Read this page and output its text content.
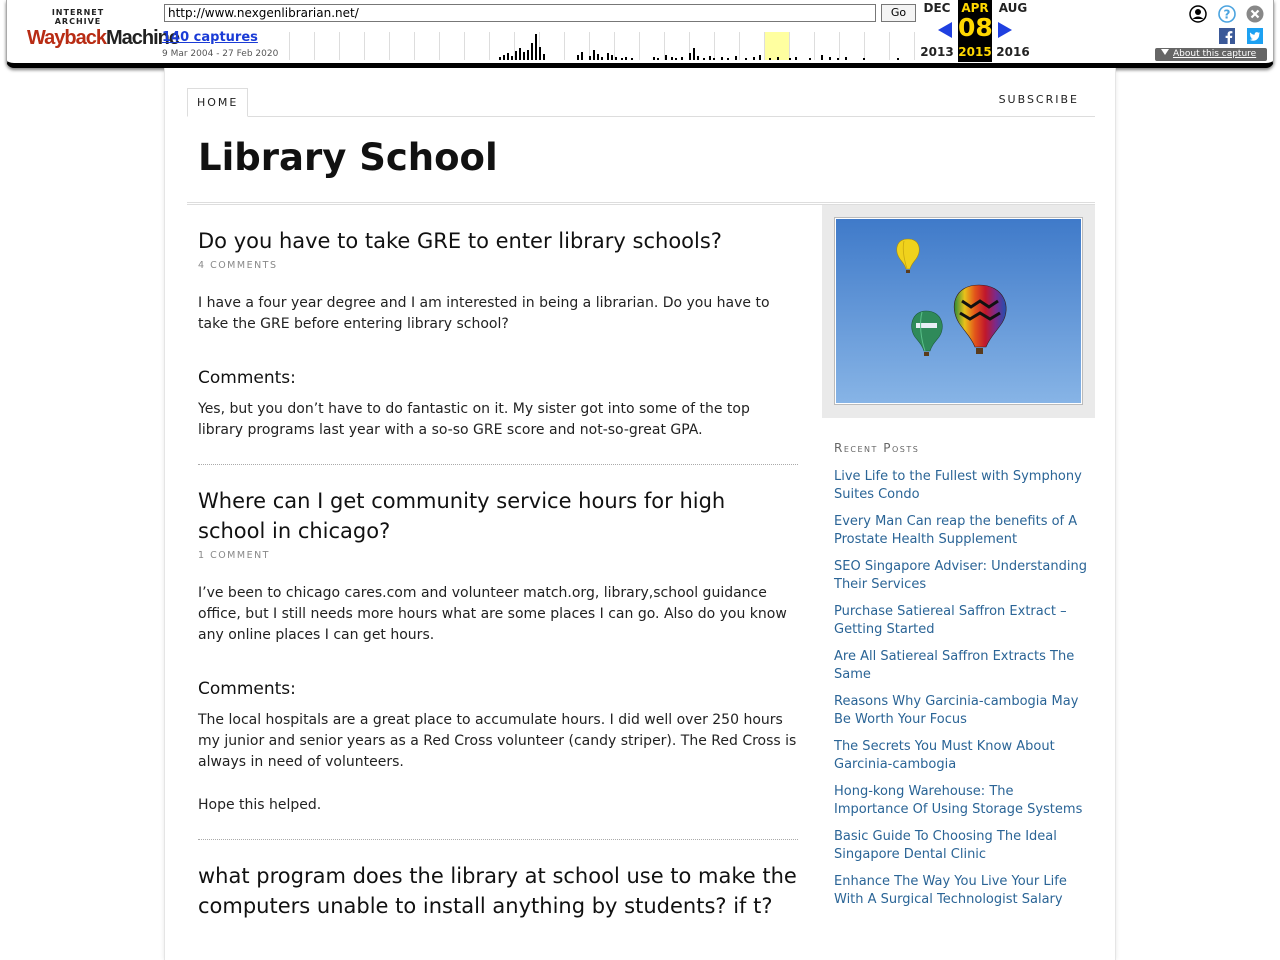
INTERNET ARCHIVE
WaybackMachine
http://www.nexgenlibrarian.net/	Go
140 captures
9 Mar 2004 - 27 Feb 2020
DEC
2013
APR
08
2015
AUG
2016
?
About this capture
HOME	SUBSCRIBE
Library School
Do you have to take GRE to enter library schools?
4 COMMENTS

I have a four year degree and I am interested in being a librarian. Do you have to take the GRE before entering library school?

Comments:

Yes, but you don’t have to do fantastic on it. My sister got into some of the top library programs last year with a so-so GRE score and not-so-great GPA.

Where can I get community service hours for high school in chicago?
1 COMMENT

I’ve been to chicago cares.com and volunteer match.org, library,school guidance office, but I still needs more hours what are some places I can go. Also do you know any online places I can get hours.

Comments:

The local hospitals are a great place to accumulate hours. I did well over 250 hours my junior and senior years as a Red Cross volunteer (candy striper). The Red Cross is always in need of volunteers.

Hope this helped.

what program does the library at school use to make the computers unable to install anything by students? if t?
Recent Posts
Live Life to the Fullest with Symphony Suites Condo
Every Man Can reap the benefits of A Prostate Health Supplement
SEO Singapore Adviser: Understanding Their Services
Purchase Satiereal Saffron Extract – Getting Started
Are All Satiereal Saffron Extracts The Same
Reasons Why Garcinia-cambogia May Be Worth Your Focus
The Secrets You Must Know About Garcinia-cambogia
Hong-kong Warehouse: The Importance Of Using Storage Systems
Basic Guide To Choosing The Ideal Singapore Dental Clinic
Enhance The Way You Live Your Life With A Surgical Technologist Salary
